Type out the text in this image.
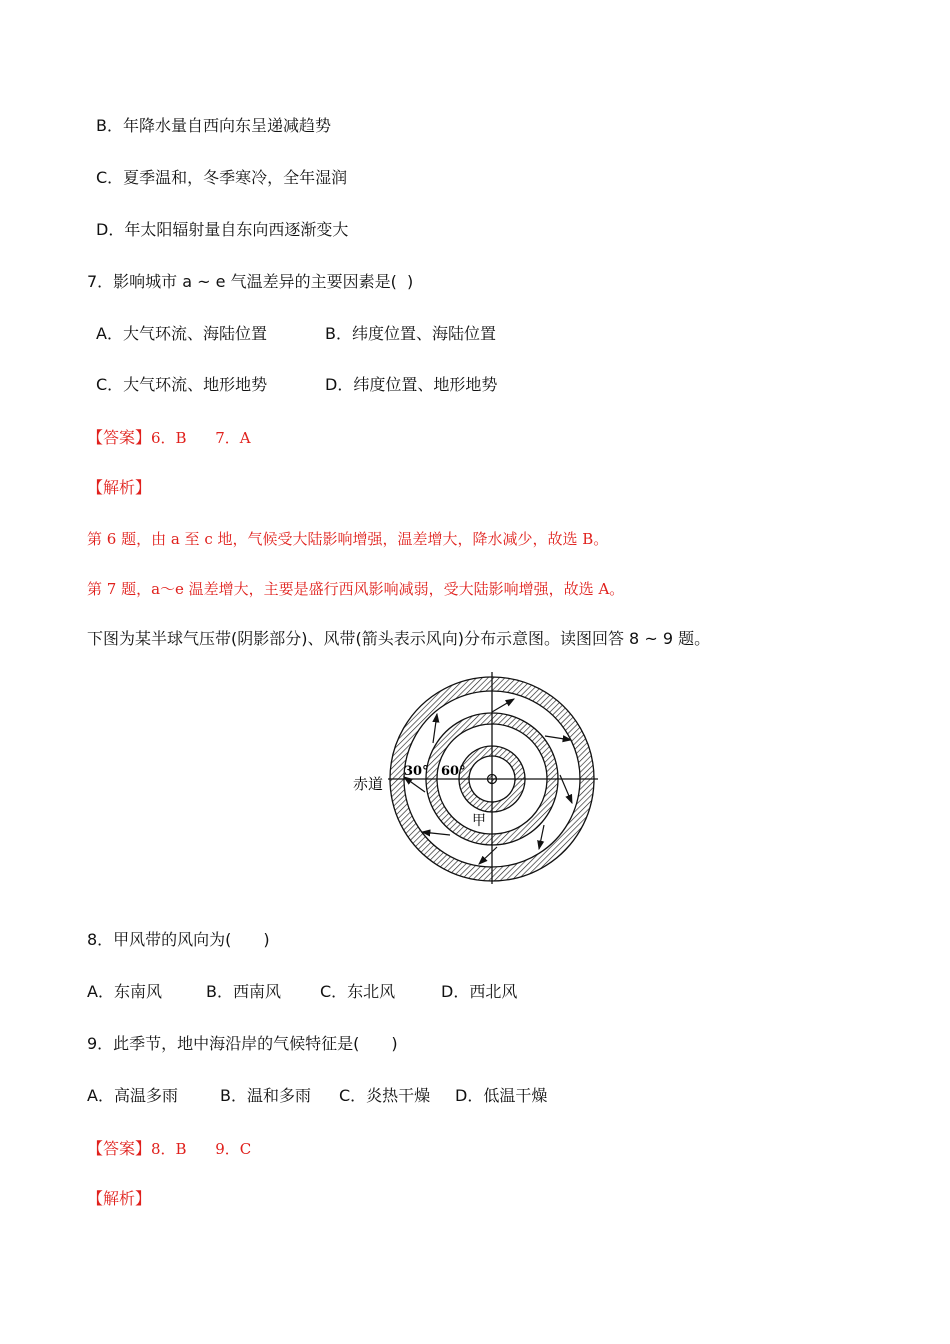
B．年降水量自西向东呈递减趋势
C．夏季温和，冬季寒冷，全年湿润
D．年太阳辐射量自东向西逐渐变大
7．影响城市 a ~ e 气温差异的主要因素是(  )
A．大气环流、海陆位置	B．纬度位置、海陆位置
C．大气环流、地形地势	D．纬度位置、地形地势
【答案】6．B      7．A
【解析】
第 6 题，由 a 至 c 地，气候受大陆影响增强，温差增大，降水减少，故选 B。
第 7 题，a～e 温差增大，主要是盛行西风影响减弱，受大陆影响增强，故选 A。
下图为某半球气压带(阴影部分)、风带(箭头表示风向)分布示意图。读图回答 8 ~ 9 题。
赤道
30° 60°
甲
8．甲风带的风向为(　　)
A．东南风	B．西南风 C．东北风	D．西北风
9．此季节，地中海沿岸的气候特征是(　　)
A．高温多雨	B．温和多雨 C．炎热干燥 D．低温干燥
【答案】8．B      9．C
【解析】
